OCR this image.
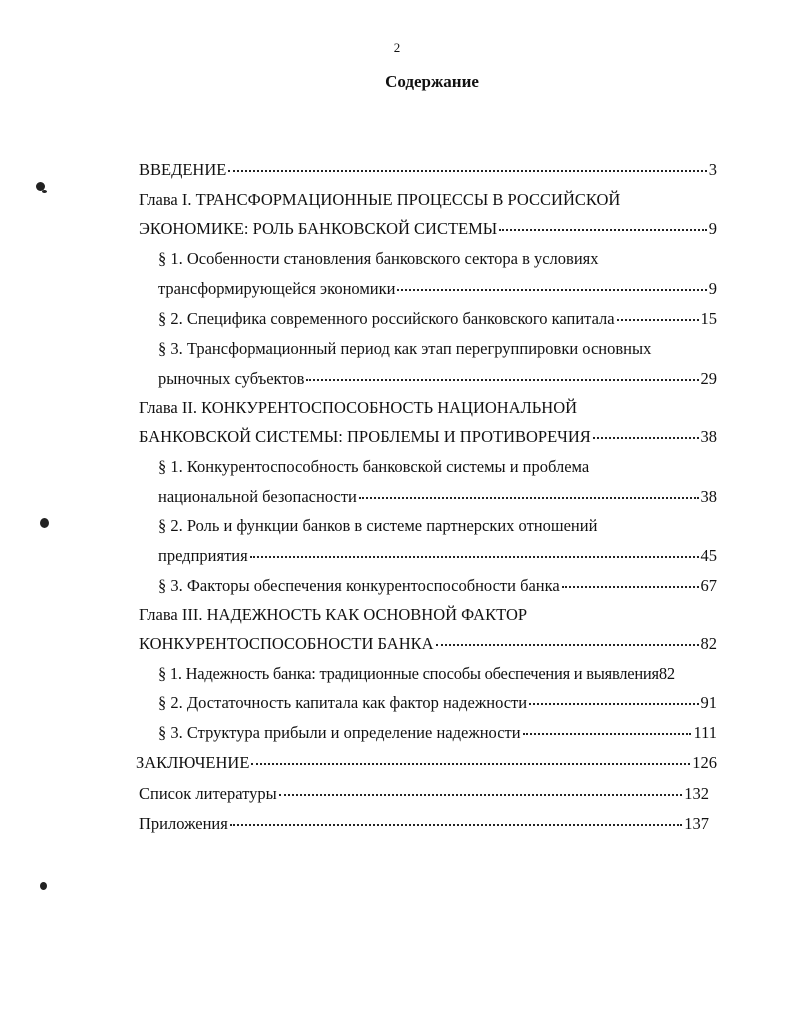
2
Содержание
ВВЕДЕНИЕ	3
Глава I. ТРАНСФОРМАЦИОННЫЕ ПРОЦЕССЫ В РОССИЙСКОЙ
ЭКОНОМИКЕ: РОЛЬ БАНКОВСКОЙ СИСТЕМЫ	9
§ 1. Особенности становления банковского сектора в условиях
трансформирующейся экономики	9
§ 2. Специфика современного российского банковского капитала	15
§ 3. Трансформационный период как этап перегруппировки основных
рыночных субъектов	29
Глава II. КОНКУРЕНТОСПОСОБНОСТЬ НАЦИОНАЛЬНОЙ
БАНКОВСКОЙ СИСТЕМЫ: ПРОБЛЕМЫ И ПРОТИВОРЕЧИЯ	38
§ 1. Конкурентоспособность банковской системы и проблема
национальной безопасности	38
§ 2. Роль и функции банков в системе партнерских отношений
предприятия	45
§ 3. Факторы обеспечения конкурентоспособности банка	67
Глава III. НАДЕЖНОСТЬ КАК ОСНОВНОЙ ФАКТОР
КОНКУРЕНТОСПОСОБНОСТИ БАНКА	82
§ 1. Надежность банка: традиционные способы обеспечения и выявления 82
§ 2. Достаточность капитала как фактор надежности	91
§ 3. Структура прибыли и определение надежности	111
ЗАКЛЮЧЕНИЕ	126
Список литературы	132
Приложения	137
